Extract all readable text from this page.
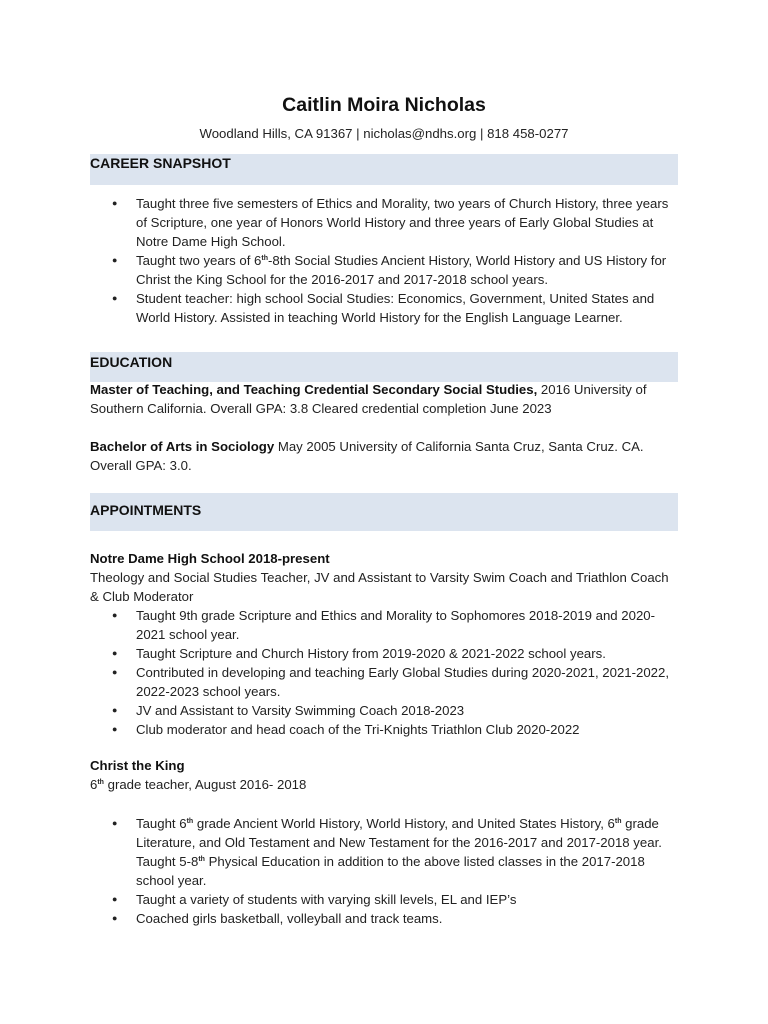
Caitlin Moira Nicholas
Woodland Hills, CA 91367 | nicholas@ndhs.org | 818 458-0277
CAREER SNAPSHOT
● Taught three five semesters of Ethics and Morality, two years of Church History, three years of Scripture, one year of Honors World History and three years of Early Global Studies at Notre Dame High School.
● Taught two years of 6th-8th Social Studies Ancient History, World History and US History for Christ the King School for the 2016-2017 and 2017-2018 school years.
● Student teacher: high school Social Studies: Economics, Government, United States and World History. Assisted in teaching World History for the English Language Learner.
EDUCATION
Master of Teaching, and Teaching Credential Secondary Social Studies, 2016 University of Southern California. Overall GPA: 3.8 Cleared credential completion June 2023
Bachelor of Arts in Sociology May 2005 University of California Santa Cruz, Santa Cruz. CA. Overall GPA: 3.0.
APPOINTMENTS
Notre Dame High School 2018-present
Theology and Social Studies Teacher, JV and Assistant to Varsity Swim Coach and Triathlon Coach & Club Moderator
● Taught 9th grade Scripture and Ethics and Morality to Sophomores 2018-2019 and 2020-2021 school year.
● Taught Scripture and Church History from 2019-2020 & 2021-2022 school years.
● Contributed in developing and teaching Early Global Studies during 2020-2021, 2021-2022, 2022-2023 school years.
● JV and Assistant to Varsity Swimming Coach 2018-2023
● Club moderator and head coach of the Tri-Knights Triathlon Club 2020-2022
Christ the King
6th grade teacher, August 2016- 2018
● Taught 6th grade Ancient World History, World History, and United States History, 6th grade Literature, and Old Testament and New Testament for the 2016-2017 and 2017-2018 year. Taught 5-8th Physical Education in addition to the above listed classes in the 2017-2018 school year.
● Taught a variety of students with varying skill levels, EL and IEP’s
● Coached girls basketball, volleyball and track teams.
